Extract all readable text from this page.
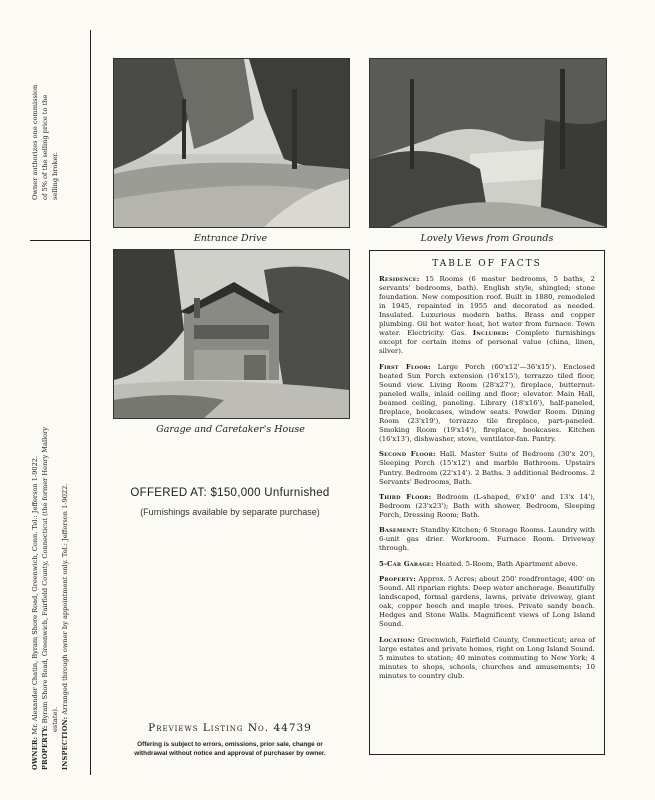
Owner authorizes one commission of 5% of the selling price to the selling broker.
OWNER: Mr. Alexander Chatin, Byram Shore Road, Greenwich, Conn. Tel.: Jefferson 1-9022.
PROPERTY: Byram Shore Road, Greenwich, Fairfield County, Connecticut (the former Henry Mallory estate). INSPECTION: Arranged through owner by appointment only. Tel.: Jefferson 1-9022.
Entrance Drive	Lovely Views from Grounds
Garage and Caretaker's House
OFFERED AT: $150,000 Unfurnished
(Furnishings available by separate purchase)
Previews Listing No. 44739
Offering is subject to errors, omissions, prior sale, change or
withdrawal without notice and approval of purchaser by owner.
TABLE OF FACTS

Residence: 15 Rooms (6 master bedrooms, 5 baths, 2 servants' bedrooms, bath). English style, shingled; stone foundation. New composition roof. Built in 1880, remodeled in 1945, repainted in 1955 and decorated as needed. Insulated. Luxurious modern baths. Brass and copper plumbing. Oil hot water heat, hot water from furnace. Town water. Electricity. Gas. Included: Complete furnishings except for certain items of personal value (china, linen, silver).

First Floor: Large Porch (60'x12'—36'x15'). Enclosed heated Sun Porch extension (16'x15'), terrazzo tiled floor, Sound view. Living Room (28'x27'), fireplace, butternut-paneled walls, inlaid ceiling and floor; elevator. Main Hall, beamed ceiling, paneling. Library (18'x16'), half-paneled, fireplace, bookcases, window seats. Powder Room. Dining Room (23'x19'), terrazzo tile fireplace, part-paneled. Smoking Room (19'x14'), fireplace, bookcases. Kitchen (16'x13'), dishwasher, stove, ventilator-fan. Pantry.

Second Floor: Hall. Master Suite of Bedroom (30'x 20'), Sleeping Porch (15'x12') and marble Bathroom. Upstairs Pantry. Bedroom (22'x14'). 2 Baths. 3 additional Bedrooms. 2 Servants' Bedrooms, Bath.

Third Floor: Bedroom (L-shaped, 6'x10' and 13'x 14'), Bedroom (23'x23'); Bath with shower, Bedroom, Sleeping Porch, Dressing Room; Bath.

Basement: Standby Kitchen; 6 Storage Rooms. Laundry with 6-unit gas drier. Workroom. Furnace Room. Driveway through.

5-Car Garage: Heated. 5-Room, Bath Apartment above.

Property: Approx. 5 Acres; about 250' roadfrontage, 400' on Sound. All riparian rights. Deep water anchorage. Beautifully landscaped, formal gardens, lawns, private driveway, giant oak, copper beech and maple trees. Private sandy beach. Hedges and Stone Walls. Magnificent views of Long Island Sound.

Location: Greenwich, Fairfield County, Connecticut; area of large estates and private homes, right on Long Island Sound. 5 minutes to station; 40 minutes commuting to New York; 4 minutes to shops, schools, churches and amusements; 10 minutes to country club.
